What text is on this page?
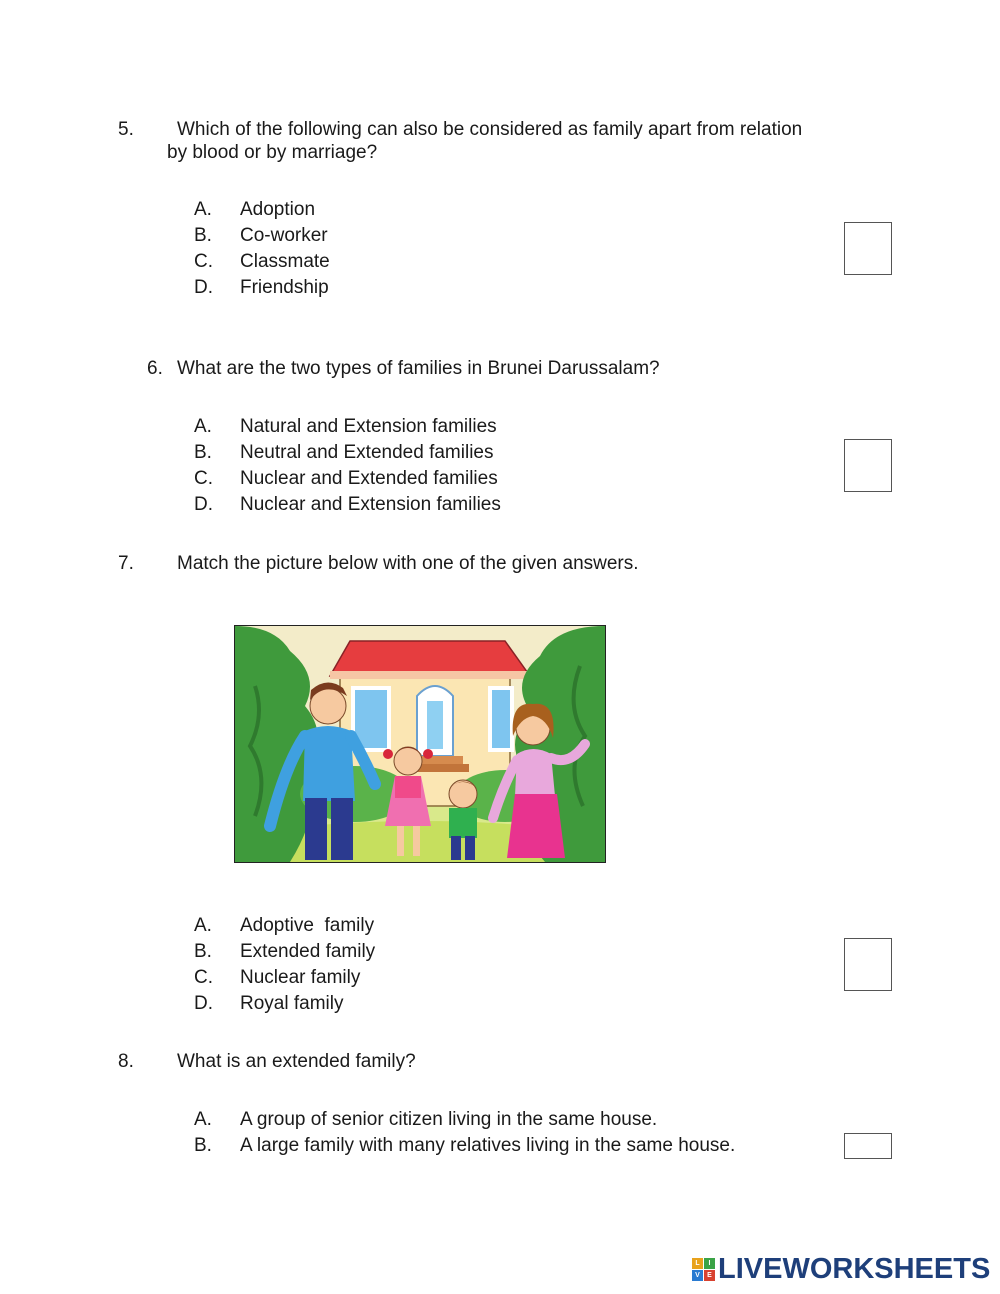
5. Which of the following can also be considered as family apart from relation
by blood or by marriage?
A. Adoption
B. Co-worker
C. Classmate
D. Friendship
6. What are the two types of families in Brunei Darussalam?
A. Natural and Extension families
B. Neutral and Extended families
C. Nuclear and Extended families
D. Nuclear and Extension families
7. Match the picture below with one of the given answers.
A. Adoptive  family
B. Extended family
C. Nuclear family
D. Royal family
8. What is an extended family?
A. A group of senior citizen living in the same house.
B. A large family with many relatives living in the same house.
L	I
V	E LIVEWORKSHEETS
